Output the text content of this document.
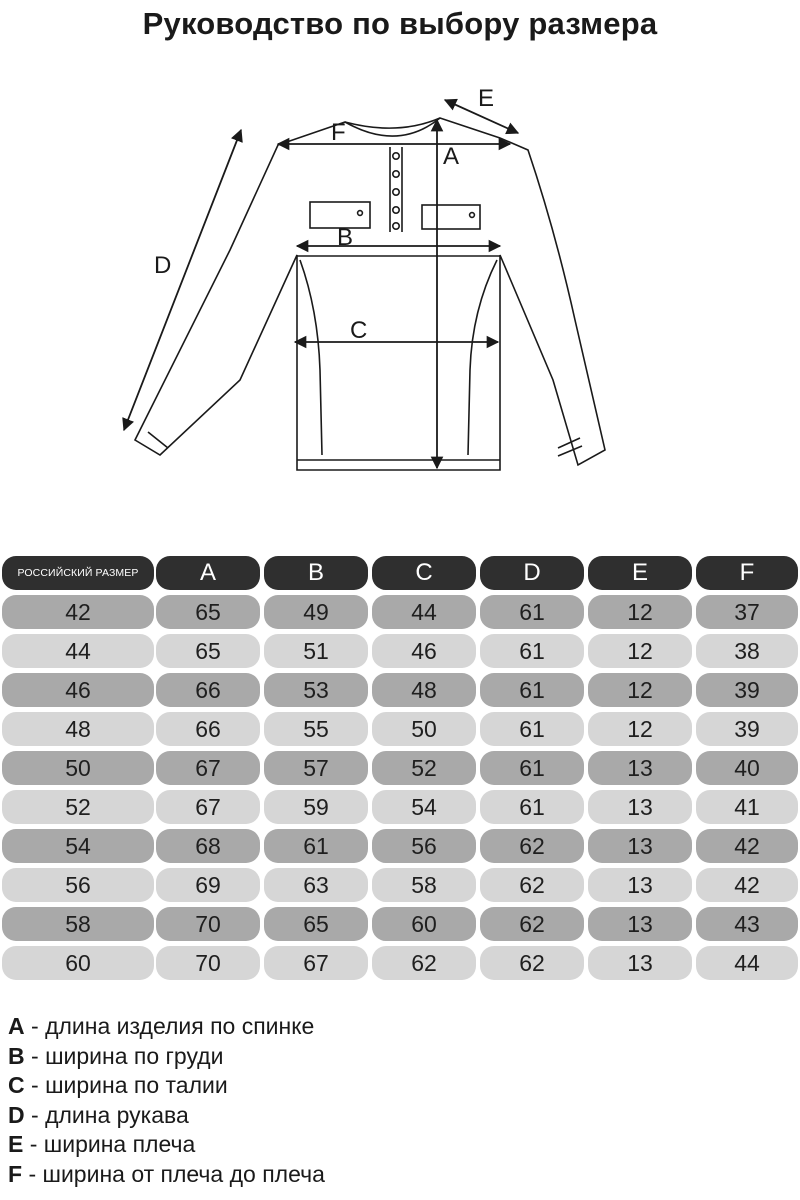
Руководство по выбору размера
A
B
C
D
E
F
РОССИЙСКИЙ РАЗМЕР	A	B	C	D	E	F
42	65	49	44	61	12	37
44	65	51	46	61	12	38
46	66	53	48	61	12	39
48	66	55	50	61	12	39
50	67	57	52	61	13	40
52	67	59	54	61	13	41
54	68	61	56	62	13	42
56	69	63	58	62	13	42
58	70	65	60	62	13	43
60	70	67	62	62	13	44
A - длина изделия по спинке
B - ширина по груди
C - ширина по талии
D - длина рукава
E - ширина плеча
F - ширина от плеча до плеча
